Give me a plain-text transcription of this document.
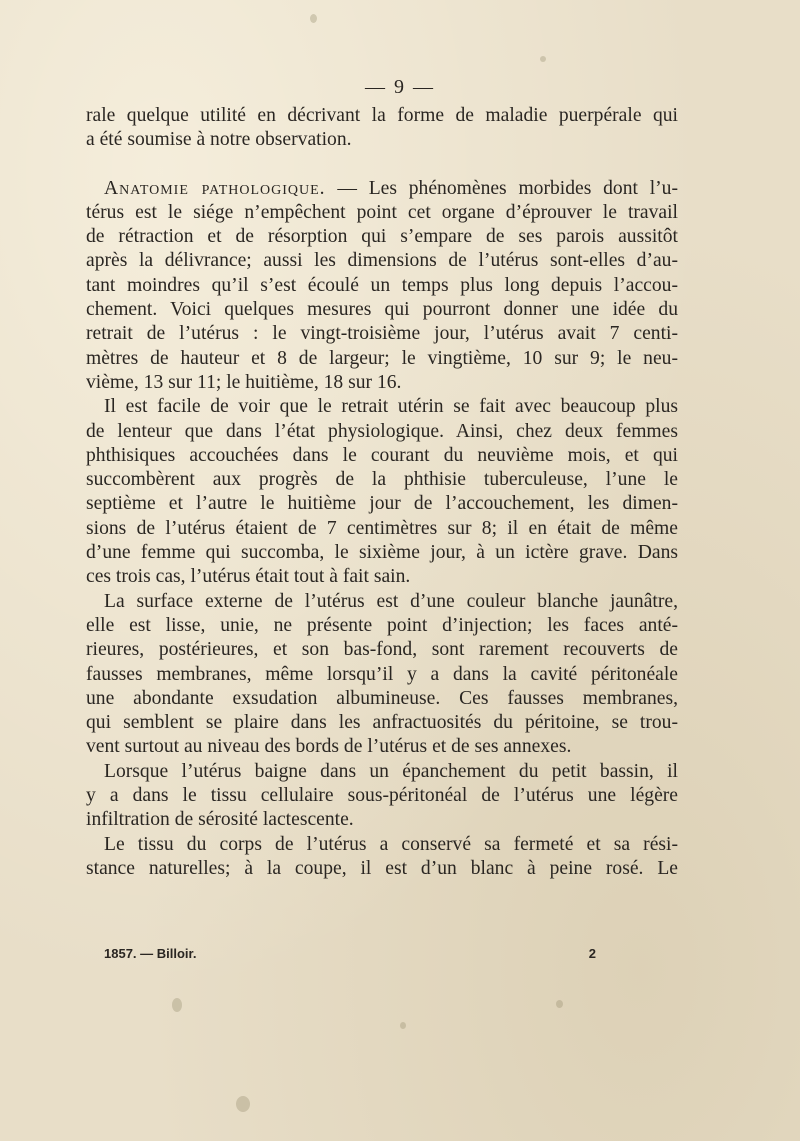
— 9 —
rale quelque utilité en décrivant la forme de maladie puerpérale qui
a été soumise à notre observation.
Anatomie pathologique. — Les phénomènes morbides dont l’u-
térus est le siége n’empêchent point cet organe d’éprouver le travail
de rétraction et de résorption qui s’empare de ses parois aussitôt
après la délivrance; aussi les dimensions de l’utérus sont-elles d’au-
tant moindres qu’il s’est écoulé un temps plus long depuis l’accou-
chement. Voici quelques mesures qui pourront donner une idée du
retrait de l’utérus : le vingt-troisième jour, l’utérus avait 7 centi-
mètres de hauteur et 8 de largeur; le vingtième, 10 sur 9; le neu-
vième, 13 sur 11; le huitième, 18 sur 16.
Il est facile de voir que le retrait utérin se fait avec beaucoup plus
de lenteur que dans l’état physiologique. Ainsi, chez deux femmes
phthisiques accouchées dans le courant du neuvième mois, et qui
succombèrent aux progrès de la phthisie tuberculeuse, l’une le
septième et l’autre le huitième jour de l’accouchement, les dimen-
sions de l’utérus étaient de 7 centimètres sur 8; il en était de même
d’une femme qui succomba, le sixième jour, à un ictère grave. Dans
ces trois cas, l’utérus était tout à fait sain.
La surface externe de l’utérus est d’une couleur blanche jaunâtre,
elle est lisse, unie, ne présente point d’injection; les faces anté-
rieures, postérieures, et son bas-fond, sont rarement recouverts de
fausses membranes, même lorsqu’il y a dans la cavité péritonéale
une abondante exsudation albumineuse. Ces fausses membranes,
qui semblent se plaire dans les anfractuosités du péritoine, se trou-
vent surtout au niveau des bords de l’utérus et de ses annexes.
Lorsque l’utérus baigne dans un épanchement du petit bassin, il
y a dans le tissu cellulaire sous-péritonéal de l’utérus une légère
infiltration de sérosité lactescente.
Le tissu du corps de l’utérus a conservé sa fermeté et sa rési-
stance naturelles; à la coupe, il est d’un blanc à peine rosé. Le
1857. — Billoir.	2
